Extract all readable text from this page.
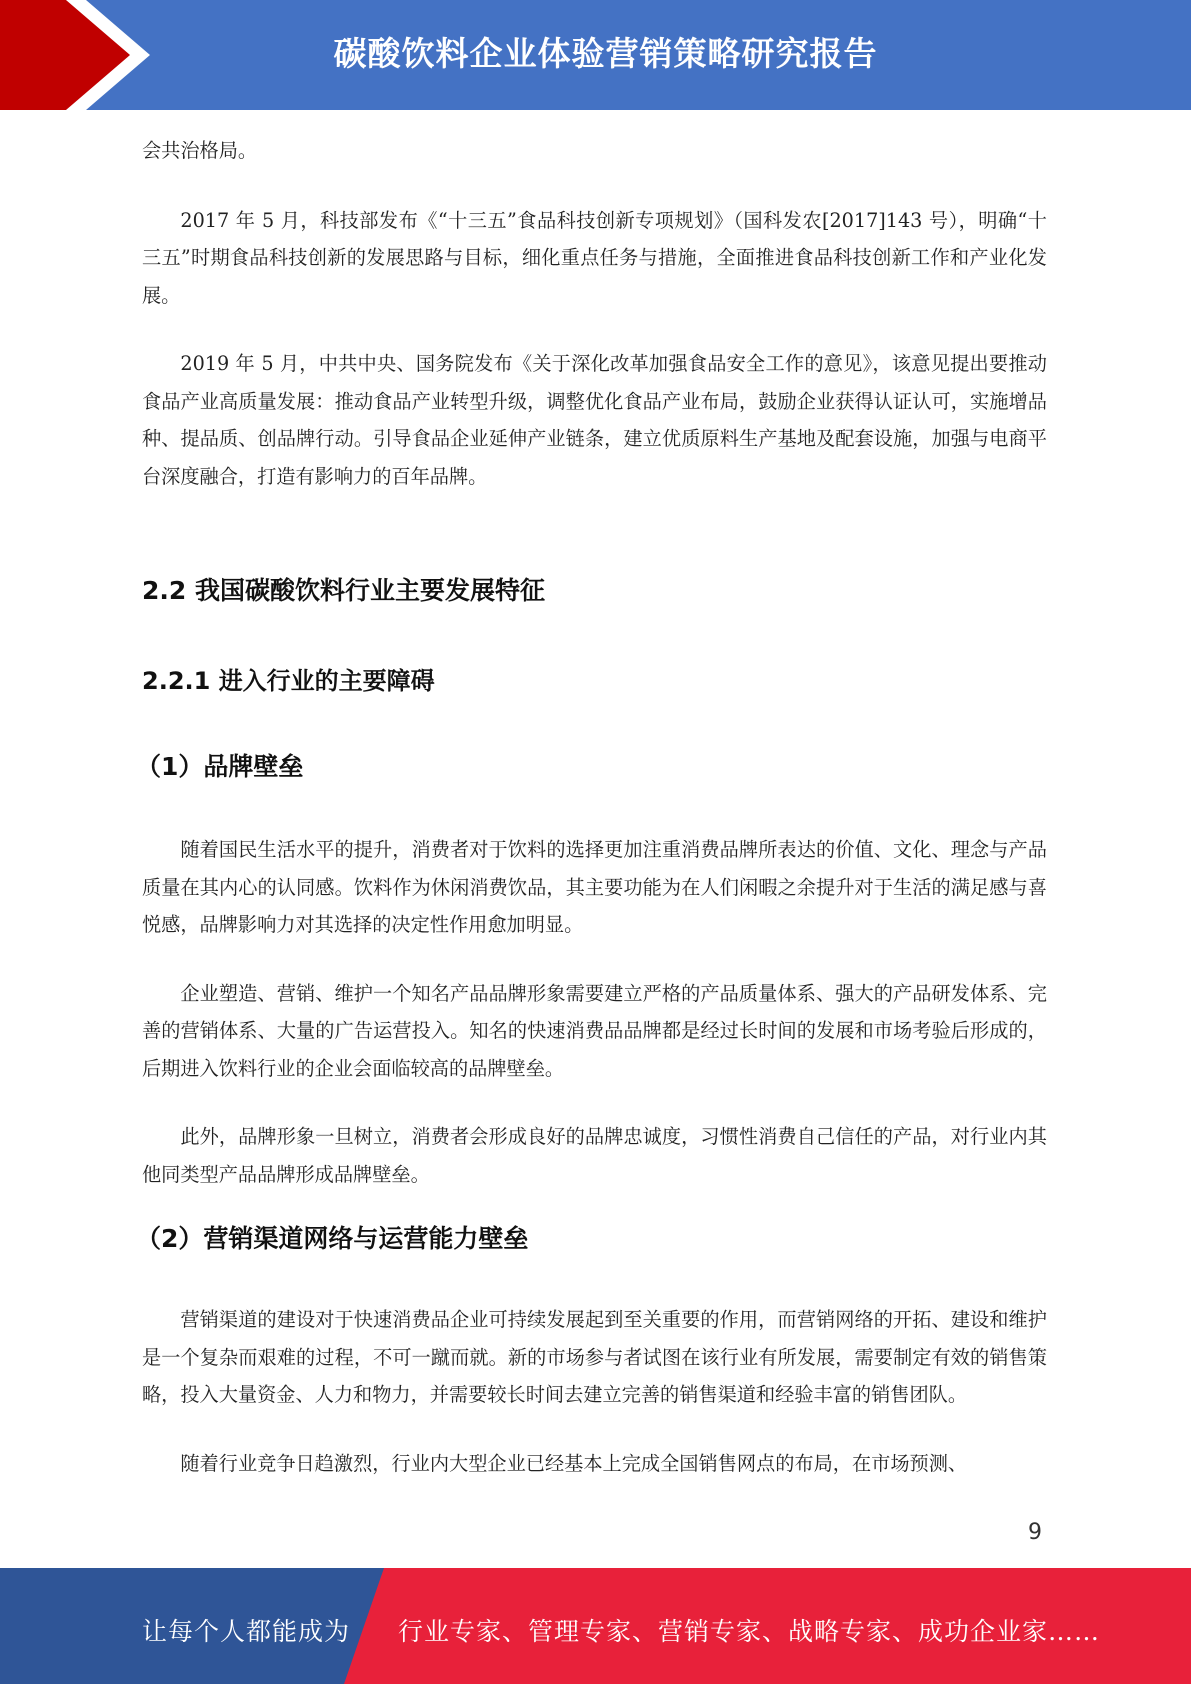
碳酸饮料企业体验营销策略研究报告

会共治格局。

2017 年 5 月，科技部发布《“十三五”食品科技创新专项规划》（国科发农[2017]143 号），明确“十三五”时期食品科技创新的发展思路与目标，细化重点任务与措施，全面推进食品科技创新工作和产业化发展。

2019 年 5 月，中共中央、国务院发布《关于深化改革加强食品安全工作的意见》，该意见提出要推动食品产业高质量发展：推动食品产业转型升级，调整优化食品产业布局，鼓励企业获得认证认可，实施增品种、提品质、创品牌行动。引导食品企业延伸产业链条，建立优质原料生产基地及配套设施，加强与电商平台深度融合，打造有影响力的百年品牌。

2.2 我国碳酸饮料行业主要发展特征
2.2.1 进入行业的主要障碍
（1）品牌壁垒

随着国民生活水平的提升，消费者对于饮料的选择更加注重消费品牌所表达的价值、文化、理念与产品质量在其内心的认同感。饮料作为休闲消费饮品，其主要功能为在人们闲暇之余提升对于生活的满足感与喜悦感，品牌影响力对其选择的决定性作用愈加明显。

企业塑造、营销、维护一个知名产品品牌形象需要建立严格的产品质量体系、强大的产品研发体系、完善的营销体系、大量的广告运营投入。知名的快速消费品品牌都是经过长时间的发展和市场考验后形成的，后期进入饮料行业的企业会面临较高的品牌壁垒。

此外，品牌形象一旦树立，消费者会形成良好的品牌忠诚度，习惯性消费自己信任的产品，对行业内其他同类型产品品牌形成品牌壁垒。

（2）营销渠道网络与运营能力壁垒

营销渠道的建设对于快速消费品企业可持续发展起到至关重要的作用，而营销网络的开拓、建设和维护是一个复杂而艰难的过程，不可一蹴而就。新的市场参与者试图在该行业有所发展，需要制定有效的销售策略，投入大量资金、人力和物力，并需要较长时间去建立完善的销售渠道和经验丰富的销售团队。

随着行业竞争日趋激烈，行业内大型企业已经基本上完成全国销售网点的布局，在市场预测、

9
让每个人都能成为 行业专家、管理专家、营销专家、战略专家、成功企业家……
